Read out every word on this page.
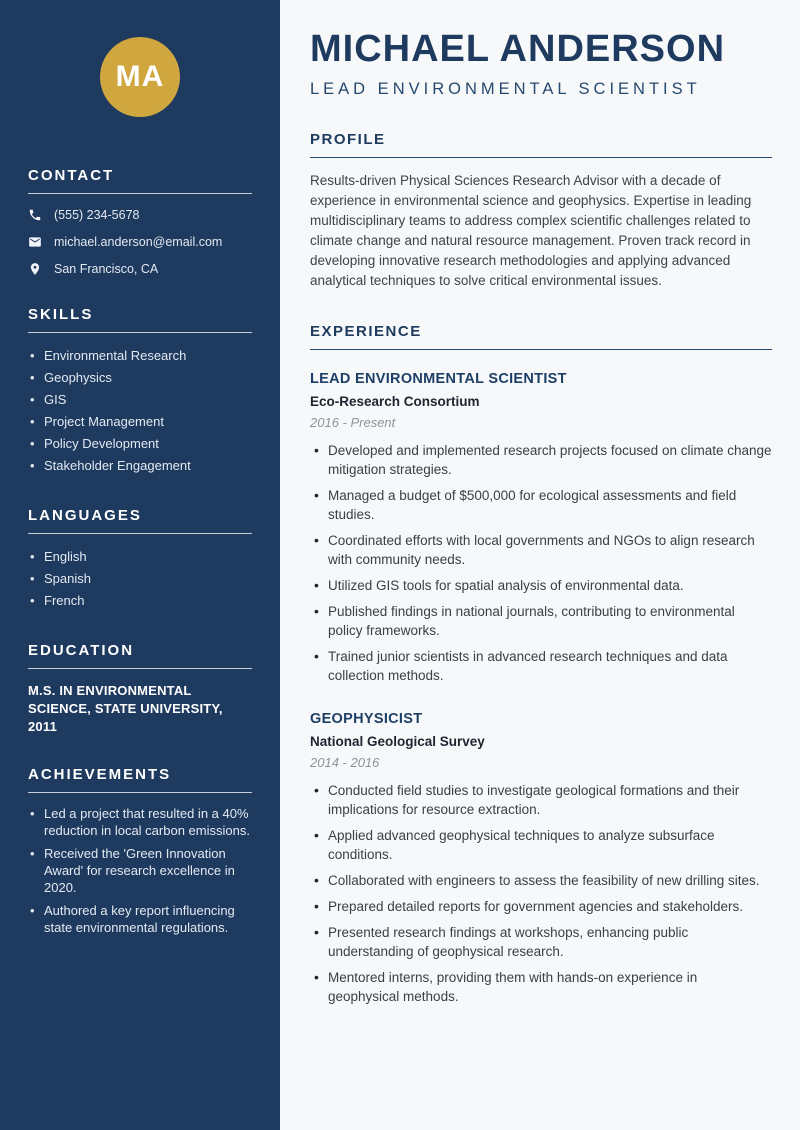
MA
CONTACT
(555) 234-5678
michael.anderson@email.com
San Francisco, CA
SKILLS
• Environmental Research
• Geophysics
• GIS
• Project Management
• Policy Development
• Stakeholder Engagement
LANGUAGES
• English
• Spanish
• French
EDUCATION
M.S. IN ENVIRONMENTAL SCIENCE, STATE UNIVERSITY, 2011
ACHIEVEMENTS
• Led a project that resulted in a 40% reduction in local carbon emissions.
• Received the 'Green Innovation Award' for research excellence in 2020.
• Authored a key report influencing state environmental regulations.
MICHAEL ANDERSON
LEAD ENVIRONMENTAL SCIENTIST
PROFILE

Results-driven Physical Sciences Research Advisor with a decade of experience in environmental science and geophysics. Expertise in leading multidisciplinary teams to address complex scientific challenges related to climate change and natural resource management. Proven track record in developing innovative research methodologies and applying advanced analytical techniques to solve critical environmental issues.

EXPERIENCE
LEAD ENVIRONMENTAL SCIENTIST
Eco-Research Consortium
2016 - Present
• Developed and implemented research projects focused on climate change mitigation strategies.
• Managed a budget of $500,000 for ecological assessments and field studies.
• Coordinated efforts with local governments and NGOs to align research with community needs.
• Utilized GIS tools for spatial analysis of environmental data.
• Published findings in national journals, contributing to environmental policy frameworks.
• Trained junior scientists in advanced research techniques and data collection methods.
GEOPHYSICIST
National Geological Survey
2014 - 2016
• Conducted field studies to investigate geological formations and their implications for resource extraction.
• Applied advanced geophysical techniques to analyze subsurface conditions.
• Collaborated with engineers to assess the feasibility of new drilling sites.
• Prepared detailed reports for government agencies and stakeholders.
• Presented research findings at workshops, enhancing public understanding of geophysical research.
• Mentored interns, providing them with hands-on experience in geophysical methods.
